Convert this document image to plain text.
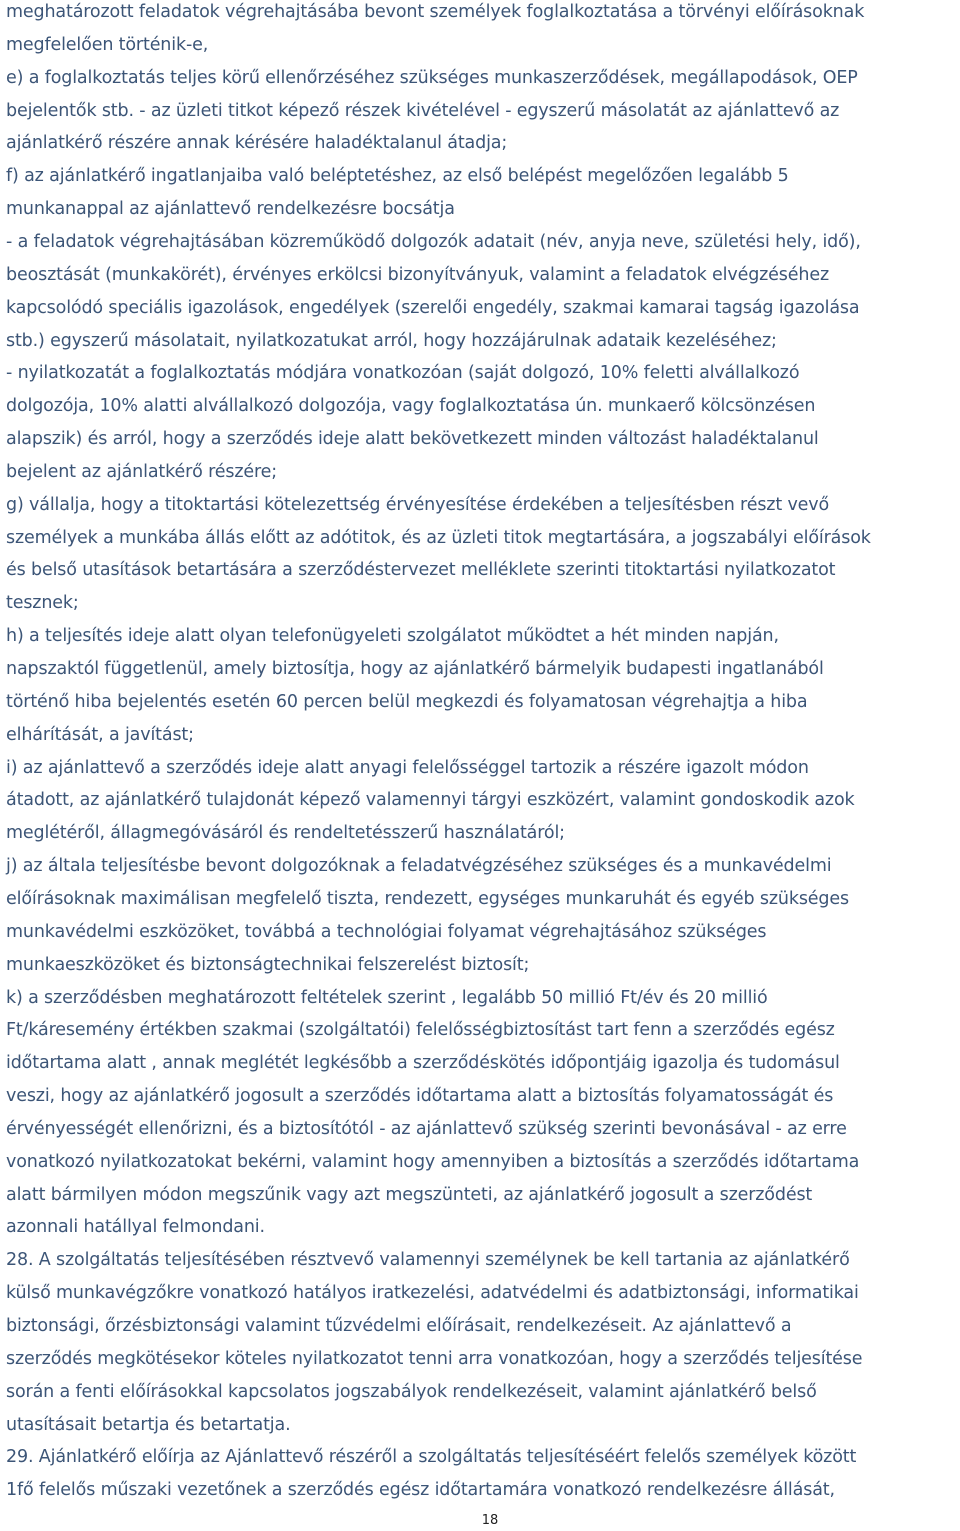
meghatározott feladatok végrehajtásába bevont személyek foglalkoztatása a törvényi előírásoknak
megfelelően történik-e,
e) a foglalkoztatás teljes körű ellenőrzéséhez szükséges munkaszerződések, megállapodások, OEP
bejelentők stb. - az üzleti titkot képező részek kivételével - egyszerű másolatát az ajánlattevő az
ajánlatkérő részére annak kérésére haladéktalanul átadja;
f) az ajánlatkérő ingatlanjaiba való beléptetéshez, az első belépést megelőzően legalább 5
munkanappal az ajánlattevő rendelkezésre bocsátja
- a feladatok végrehajtásában közreműködő dolgozók adatait (név, anyja neve, születési hely, idő),
beosztását (munkakörét), érvényes erkölcsi bizonyítványuk, valamint a feladatok elvégzéséhez
kapcsolódó speciális igazolások, engedélyek (szerelői engedély, szakmai kamarai tagság igazolása
stb.) egyszerű másolatait, nyilatkozatukat arról, hogy hozzájárulnak adataik kezeléséhez;
- nyilatkozatát a foglalkoztatás módjára vonatkozóan (saját dolgozó, 10% feletti alvállalkozó
dolgozója, 10% alatti alvállalkozó dolgozója, vagy foglalkoztatása ún. munkaerő kölcsönzésen
alapszik) és arról, hogy a szerződés ideje alatt bekövetkezett minden változást haladéktalanul
bejelent az ajánlatkérő részére;
g) vállalja, hogy a titoktartási kötelezettség érvényesítése érdekében a teljesítésben részt vevő
személyek a munkába állás előtt az adótitok, és az üzleti titok megtartására, a jogszabályi előírások
és belső utasítások betartására a szerződéstervezet melléklete szerinti titoktartási nyilatkozatot
tesznek;
h) a teljesítés ideje alatt olyan telefonügyeleti szolgálatot működtet a hét minden napján,
napszaktól függetlenül, amely biztosítja, hogy az ajánlatkérő bármelyik budapesti ingatlanából
történő hiba bejelentés esetén 60 percen belül megkezdi és folyamatosan végrehajtja a hiba
elhárítását, a javítást;
i) az ajánlattevő a szerződés ideje alatt anyagi felelősséggel tartozik a részére igazolt módon
átadott, az ajánlatkérő tulajdonát képező valamennyi tárgyi eszközért, valamint gondoskodik azok
meglétéről, állagmegóvásáról és rendeltetésszerű használatáról;
j) az általa teljesítésbe bevont dolgozóknak a feladatvégzéséhez szükséges és a munkavédelmi
előírásoknak maximálisan megfelelő tiszta, rendezett, egységes munkaruhát és egyéb szükséges
munkavédelmi eszközöket, továbbá a technológiai folyamat végrehajtásához szükséges
munkaeszközöket és biztonságtechnikai felszerelést biztosít;
k) a szerződésben meghatározott feltételek szerint , legalább 50 millió Ft/év és 20 millió
Ft/káresemény értékben szakmai (szolgáltatói) felelősségbiztosítást tart fenn a szerződés egész
időtartama alatt , annak meglétét legkésőbb a szerződéskötés időpontjáig igazolja és tudomásul
veszi, hogy az ajánlatkérő jogosult a szerződés időtartama alatt a biztosítás folyamatosságát és
érvényességét ellenőrizni, és a biztosítótól - az ajánlattevő szükség szerinti bevonásával - az erre
vonatkozó nyilatkozatokat bekérni, valamint hogy amennyiben a biztosítás a szerződés időtartama
alatt bármilyen módon megszűnik vagy azt megszünteti, az ajánlatkérő jogosult a szerződést
azonnali hatállyal felmondani.
28. A szolgáltatás teljesítésében résztvevő valamennyi személynek be kell tartania az ajánlatkérő
külső munkavégzőkre vonatkozó hatályos iratkezelési, adatvédelmi és adatbiztonsági, informatikai
biztonsági, őrzésbiztonsági valamint tűzvédelmi előírásait, rendelkezéseit. Az ajánlattevő a
szerződés megkötésekor köteles nyilatkozatot tenni arra vonatkozóan, hogy a szerződés teljesítése
során a fenti előírásokkal kapcsolatos jogszabályok rendelkezéseit, valamint ajánlatkérő belső
utasításait betartja és betartatja.
29. Ajánlatkérő előírja az Ajánlattevő részéről a szolgáltatás teljesítéséért felelős személyek között
1fő felelős műszaki vezetőnek a szerződés egész időtartamára vonatkozó rendelkezésre állását,
18
